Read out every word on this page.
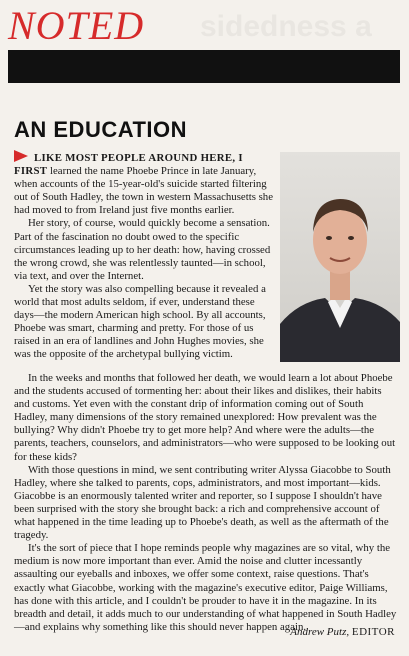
sidedness a
NOTED
AN EDUCATION

LIKE MOST PEOPLE AROUND HERE, I FIRST learned the name Phoebe Prince in late January, when accounts of the 15-year-old's suicide started filtering out of South Hadley, the town in western Massachusetts she had moved to from Ireland just five months earlier.

Her story, of course, would quickly become a sensation. Part of the fascination no doubt owed to the specific circumstances leading up to her death: how, having crossed the wrong crowd, she was relentlessly taunted—in school, via text, and over the Internet.

Yet the story was also compelling because it revealed a world that most adults seldom, if ever, understand these days—the modern American high school. By all accounts, Phoebe was smart, charming and pretty. For those of us raised in an era of landlines and John Hughes movies, she was the opposite of the archetypal bullying victim.

In the weeks and months that followed her death, we would learn a lot about Phoebe and the students accused of tormenting her: about their likes and dislikes, their habits and customs. Yet even with the constant drip of information coming out of South Hadley, many dimensions of the story remained unexplored: How prevalent was the bullying? Why didn't Phoebe try to get more help? And where were the adults—the parents, teachers, counselors, and administrators—who were supposed to be looking out for these kids?

With those questions in mind, we sent contributing writer Alyssa Giacobbe to South Hadley, where she talked to parents, cops, administrators, and most important—kids. Giacobbe is an enormously talented writer and reporter, so I suppose I shouldn't have been surprised with the story she brought back: a rich and comprehensive account of what happened in the time leading up to Phoebe's death, as well as the aftermath of the tragedy.

It's the sort of piece that I hope reminds people why magazines are so vital, why the medium is now more important than ever. Amid the noise and clutter incessantly assaulting our eyeballs and inboxes, we offer some context, raise questions. That's exactly what Giacobbe, working with the magazine's executive editor, Paige Williams, has done with this article, and I couldn't be prouder to have it in the magazine. In its breadth and detail, it adds much to our understanding of what happened in South Hadley—and explains why something like this should never happen again.

Andrew Putz, EDITOR
